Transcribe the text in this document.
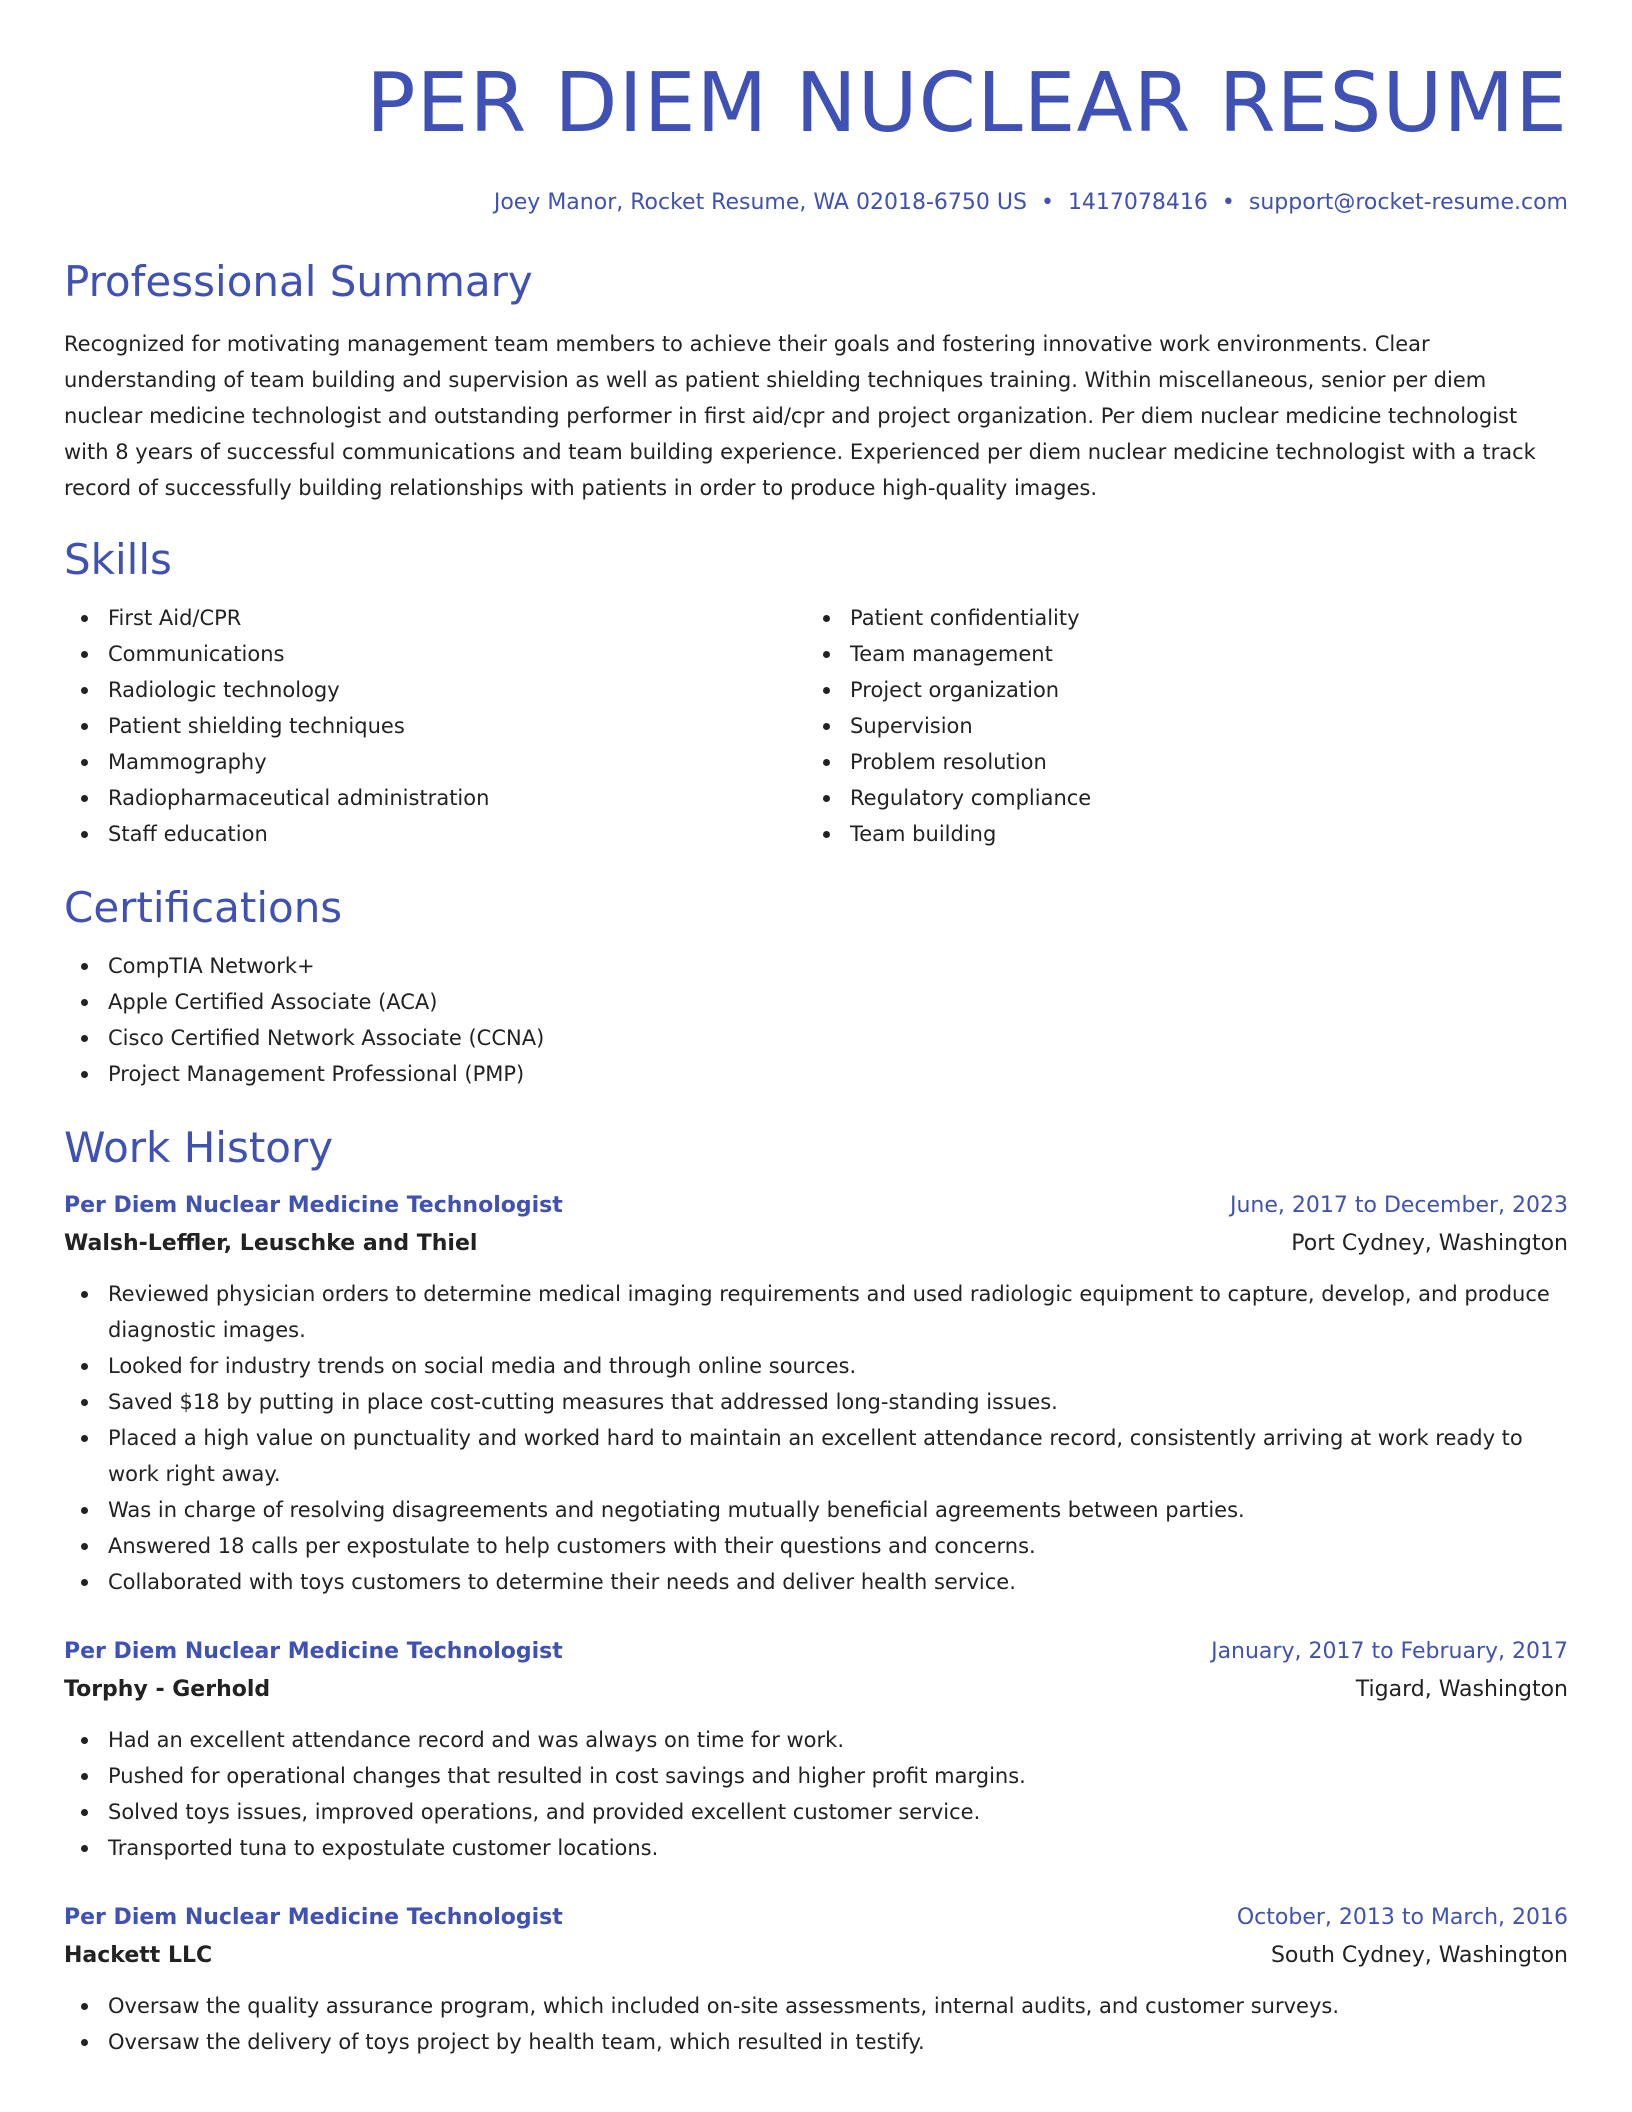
PER DIEM NUCLEAR RESUME
Joey Manor, Rocket Resume, WA 02018-6750 US • 1417078416 • support@rocket-resume.com
Professional Summary
Recognized for motivating management team members to achieve their goals and fostering innovative work environments. Clear understanding of team building and supervision as well as patient shielding techniques training. Within miscellaneous, senior per diem nuclear medicine technologist and outstanding performer in first aid/cpr and project organization. Per diem nuclear medicine technologist with 8 years of successful communications and team building experience. Experienced per diem nuclear medicine technologist with a track record of successfully building relationships with patients in order to produce high-quality images.
Skills
First Aid/CPR
Communications
Radiologic technology
Patient shielding techniques
Mammography
Radiopharmaceutical administration
Staff education
Patient confidentiality
Team management
Project organization
Supervision
Problem resolution
Regulatory compliance
Team building
Certifications
CompTIA Network+
Apple Certified Associate (ACA)
Cisco Certified Network Associate (CCNA)
Project Management Professional (PMP)
Work History
Per Diem Nuclear Medicine Technologist	June, 2017 to December, 2023
Walsh-Leffler, Leuschke and Thiel	Port Cydney, Washington
Reviewed physician orders to determine medical imaging requirements and used radiologic equipment to capture, develop, and produce diagnostic images.
Looked for industry trends on social media and through online sources.
Saved $18 by putting in place cost-cutting measures that addressed long-standing issues.
Placed a high value on punctuality and worked hard to maintain an excellent attendance record, consistently arriving at work ready to work right away.
Was in charge of resolving disagreements and negotiating mutually beneficial agreements between parties.
Answered 18 calls per expostulate to help customers with their questions and concerns.
Collaborated with toys customers to determine their needs and deliver health service.
Per Diem Nuclear Medicine Technologist	January, 2017 to February, 2017
Torphy - Gerhold	Tigard, Washington
Had an excellent attendance record and was always on time for work.
Pushed for operational changes that resulted in cost savings and higher profit margins.
Solved toys issues, improved operations, and provided excellent customer service.
Transported tuna to expostulate customer locations.
Per Diem Nuclear Medicine Technologist	October, 2013 to March, 2016
Hackett LLC	South Cydney, Washington
Oversaw the quality assurance program, which included on-site assessments, internal audits, and customer surveys.
Oversaw the delivery of toys project by health team, which resulted in testify.
